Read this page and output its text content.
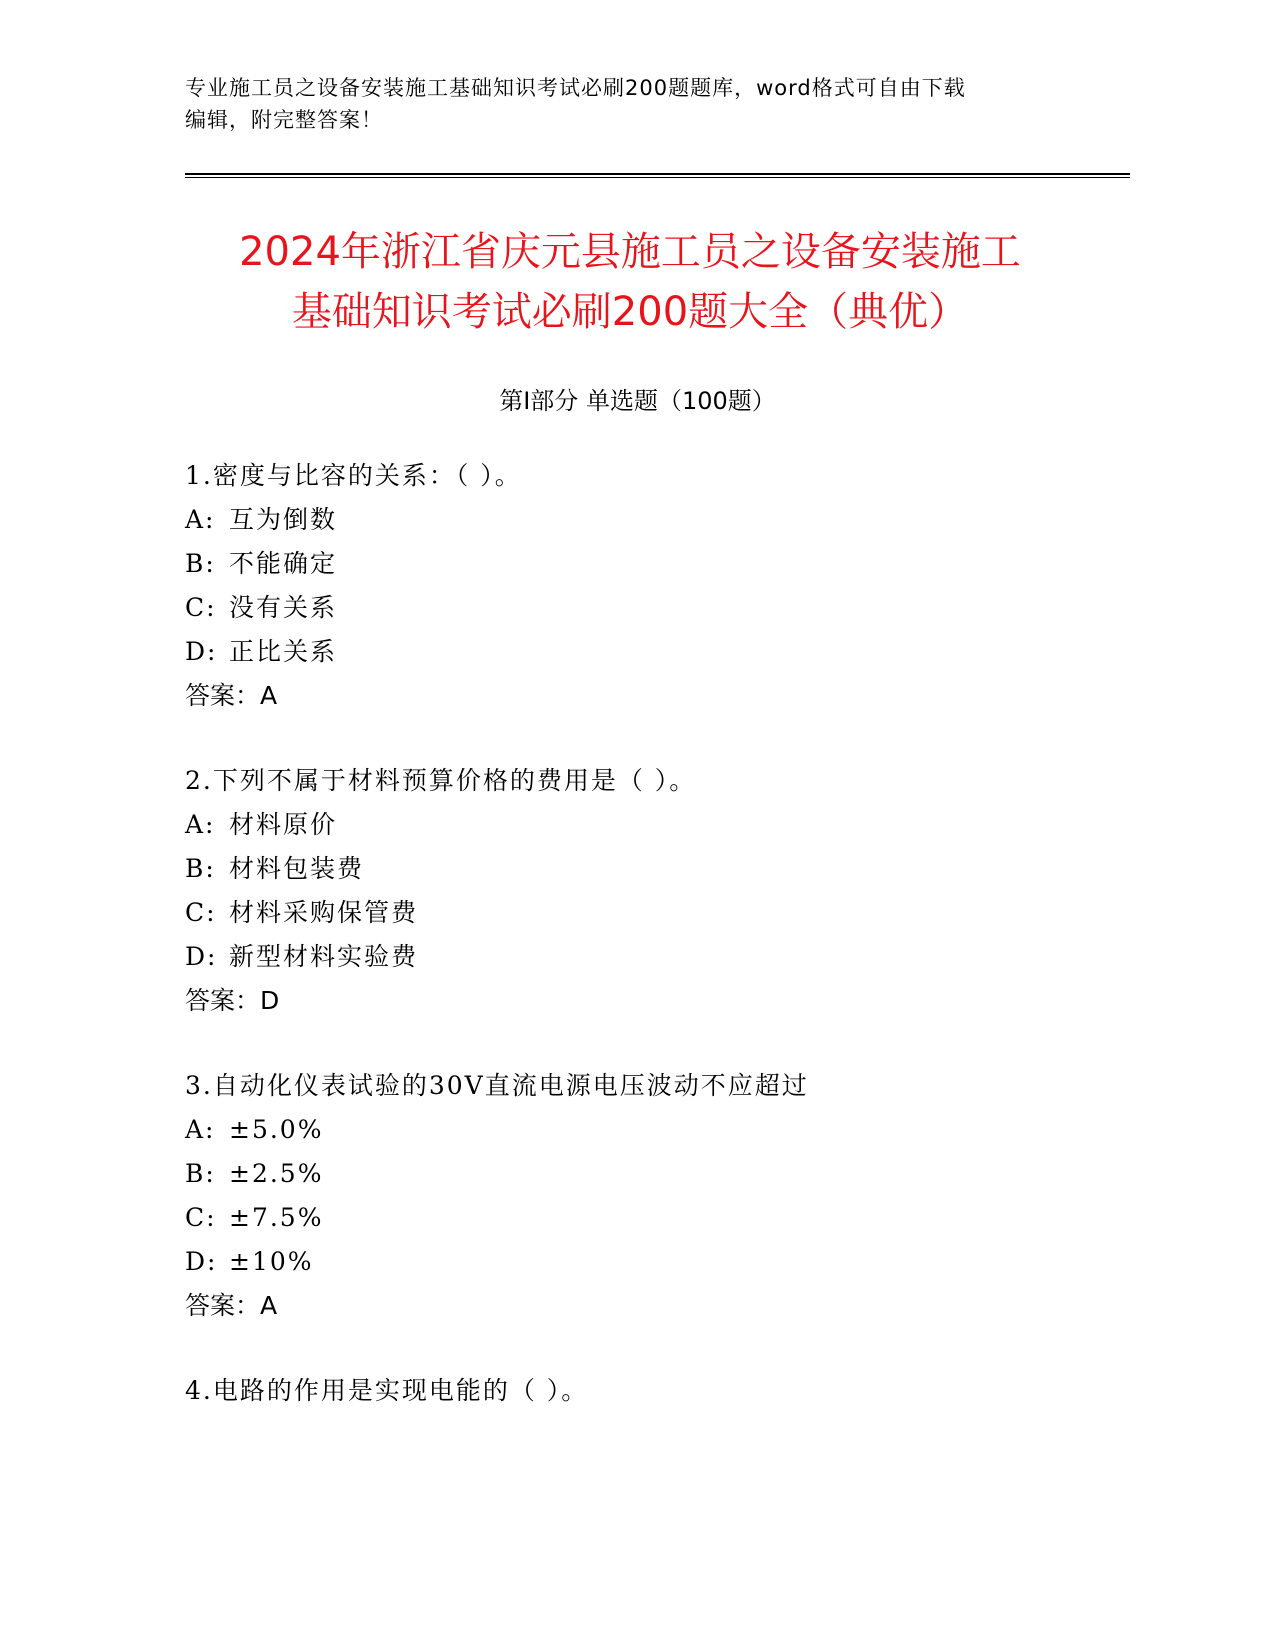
专业施工员之设备安装施工基础知识考试必刷200题题库，word格式可自由下载
编辑，附完整答案！
2024年浙江省庆元县施工员之设备安装施工
基础知识考试必刷200题大全（典优）
第Ⅰ部分 单选题（100题）
1.密度与比容的关系：（ ）。
A: 互为倒数
B: 不能确定
C: 没有关系
D: 正比关系
答案：A
2.下列不属于材料预算价格的费用是（ ）。
A: 材料原价
B: 材料包装费
C: 材料采购保管费
D: 新型材料实验费
答案：D
3.自动化仪表试验的30V直流电源电压波动不应超过
A: ±5.0%
B: ±2.5%
C: ±7.5%
D: ±10%
答案：A
4.电路的作用是实现电能的（ ）。
